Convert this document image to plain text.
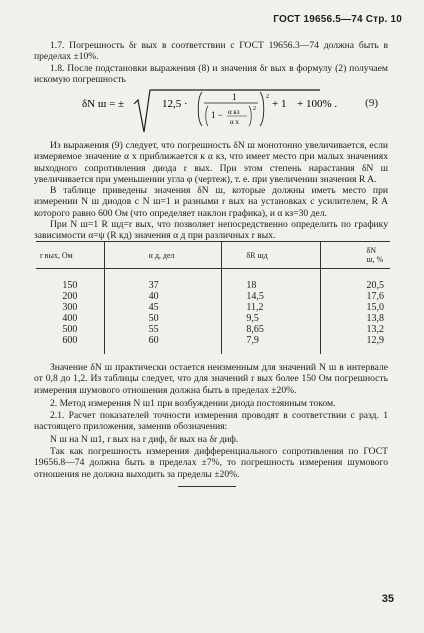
ГОСТ 19656.5—74 Стр. 10

1.7. Погрешность δr вых в соответствии с ГОСТ 19656.3—74 должна быть в пределах ±10%.

1.8. После подстановки выражения (8) и значения δr вых в формулу (2) получаем искомую погрешность

δN ш = ±	12,5 ·
1
1 − α кз
α х
2
2
+ 1 + 100% .	(9)

Из выражения (9) следует, что погрешность δN ш монотонно увеличивается, если измеряемое значение α х приближается к α кз, что имеет место при малых значениях выходного сопротивления диода r вых. При этом степень нарастания δN ш увеличивается при уменьшении угла φ (чертеж), т. е. при увеличении значения R A.

В таблице приведены значения δN ш, которые должны иметь место при измерении N ш диодов с N ш=1 и разными r вых на установках с усилителем, R A которого равно 600 Ом (что определяет наклон графика), и α кз=30 дел.

При N ш=1 R шд=r вых, что позволяет непосредственно определить по графику зависимости α=ψ (R кд) значения α д при различных r вых.

r вых, Ом	α д, дел	δR шд	δN ш, %
150	37	18	20,5
200	40	14,5	17,6
300	45	11,2	15,0
400	50	9,5	13,8
500	55	8,65	13,2
600	60	7,9	12,9

Значение δN ш практически остается неизменным для значений N ш в интервале от 0,8 до 1,2. Из таблицы следует, что для значений r вых более 150 Ом погрешность измерения шумового отношения должна быть в пределах ±20%.

2. Метод измерения N ш1 при возбуждении диода постоянным током.

2.1. Расчет показателей точности измерения проводят в соответствии с разд. 1 настоящего приложения, заменив обозначения:

N ш на N ш1, r вых на r диф, δr вых на δr диф.

Так как погрешность измерения дифференциального сопротивления по ГОСТ 19656.8—74 должна быть в пределах ±7%, то погрешность измерения шумового отношения не должна выходить за пределы ±20%.

35
